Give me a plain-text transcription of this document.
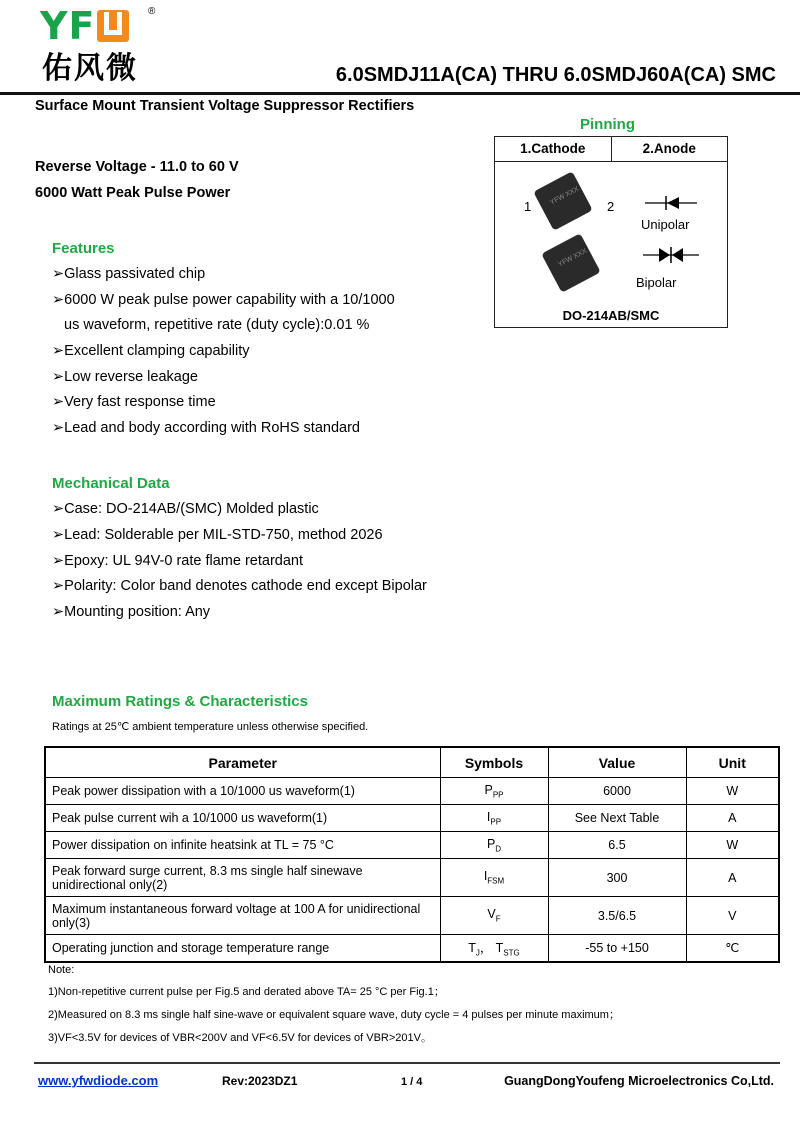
YF	®
佑风微	6.0SMDJ11A(CA) THRU 6.0SMDJ60A(CA) SMC
Surface Mount Transient Voltage Suppressor Rectifiers
Reverse Voltage - 11.0 to 60 V
6000 Watt Peak Pulse Power
Features
➢Glass passivated chip
➢6000 W peak pulse power capability with a 10/1000
us waveform, repetitive rate (duty cycle):0.01 %
➢Excellent clamping capability
➢Low reverse leakage
➢Very fast response time
➢Lead and body according with RoHS standard
Mechanical Data
➢Case: DO-214AB/(SMC) Molded plastic
➢Lead: Solderable per MIL-STD-750, method 2026
➢Epoxy: UL 94V-0 rate flame retardant
➢Polarity: Color band denotes cathode end except Bipolar
➢Mounting position: Any
Pinning
1.Cathode	2.Anode
YFW XXX
YFW XXX
1	2
Unipolar
Bipolar
DO-214AB/SMC
Maximum Ratings & Characteristics
Ratings at 25℃ ambient temperature unless otherwise specified.
Parameter	Symbols	Value	Unit
Peak power dissipation with a 10/1000 us waveform(1)	$P_{PP}$	6000	W
Peak pulse current wih a 10/1000 us waveform(1)	$I_{PP}$	See Next Table	A
Power dissipation on infinite heatsink at TL = 75 °C	$P_D$	6.5	W
Peak forward surge current, 8.3 ms single half sinewave unidirectional only(2)	$I_{FSM}$	300	A
Maximum instantaneous forward voltage at 100 A for unidirectional only(3)	$V_F$	3.5/6.5	V
Operating junction and storage temperature range	$T_J$， $T_{STG}$	-55 to +150	℃
Note:
1)Non-repetitive current pulse per Fig.5 and derated above TA= 25 °C per Fig.1；
2)Measured on 8.3 ms single half sine-wave or equivalent square wave, duty cycle = 4 pulses per minute maximum；
3)VF<3.5V for devices of VBR<200V and VF<6.5V for devices of VBR>201V。
www.yfwdiode.com	Rev:2023DZ1	1 / 4	GuangDongYoufeng Microelectronics Co,Ltd.
